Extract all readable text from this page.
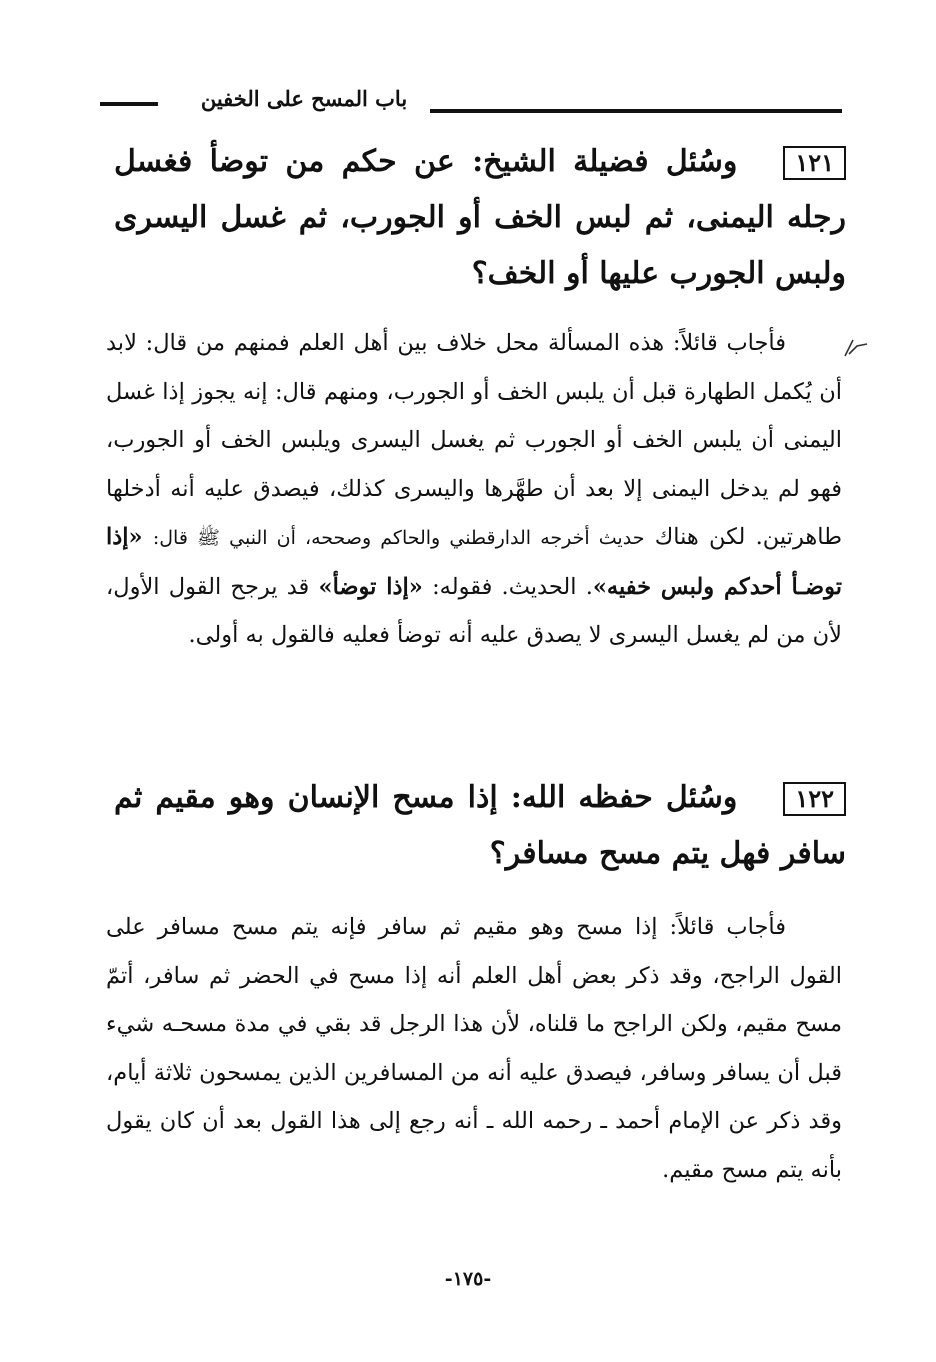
باب المسح على الخفين
١٢١وسُئل فضيلة الشيخ: عن حكم من توضأ فغسل رجله اليمنى، ثم لبس الخف أو الجورب، ثم غسل اليسرى ولبس الجورب عليها أو الخف؟
فأجاب قائلاً: هذه المسألة محل خلاف بين أهل العلم فمنهم من قال: لابد أن يُكمل الطهارة قبل أن يلبس الخف أو الجورب، ومنهم قال: إنه يجوز إذا غسل اليمنى أن يلبس الخف أو الجورب ثم يغسل اليسرى ويلبس الخف أو الجورب، فهو لم يدخل اليمنى إلا بعد أن طهَّرها واليسرى كذلك، فيصدق عليه أنه أدخلها طاهرتين. لكن هناك حديث أخرجه الدارقطني والحاكم وصححه، أن النبي ﷺ قال: «إذا توضـأ أحدكم ولبس خفيه». الحديث. فقوله: «إذا توضأ» قد يرجح القول الأول، لأن من لم يغسل اليسرى لا يصدق عليه أنه توضأ فعليه فالقول به أولى.
١٢٢وسُئل حفظه الله: إذا مسح الإنسان وهو مقيم ثم سافر فهل يتم مسح مسافر؟
فأجاب قائلاً: إذا مسح وهو مقيم ثم سافر فإنه يتم مسح مسافر على القول الراجح، وقد ذكر بعض أهل العلم أنه إذا مسح في الحضر ثم سافر، أتمّ مسح مقيم، ولكن الراجح ما قلناه، لأن هذا الرجل قد بقي في مدة مسحـه شيء قبل أن يسافر وسافر، فيصدق عليه أنه من المسافرين الذين يمسحون ثلاثة أيام، وقد ذكر عن الإمام أحمد ـ رحمه الله ـ أنه رجع إلى هذا القول بعد أن كان يقول بأنه يتم مسح مقيم.
-١٧٥-
